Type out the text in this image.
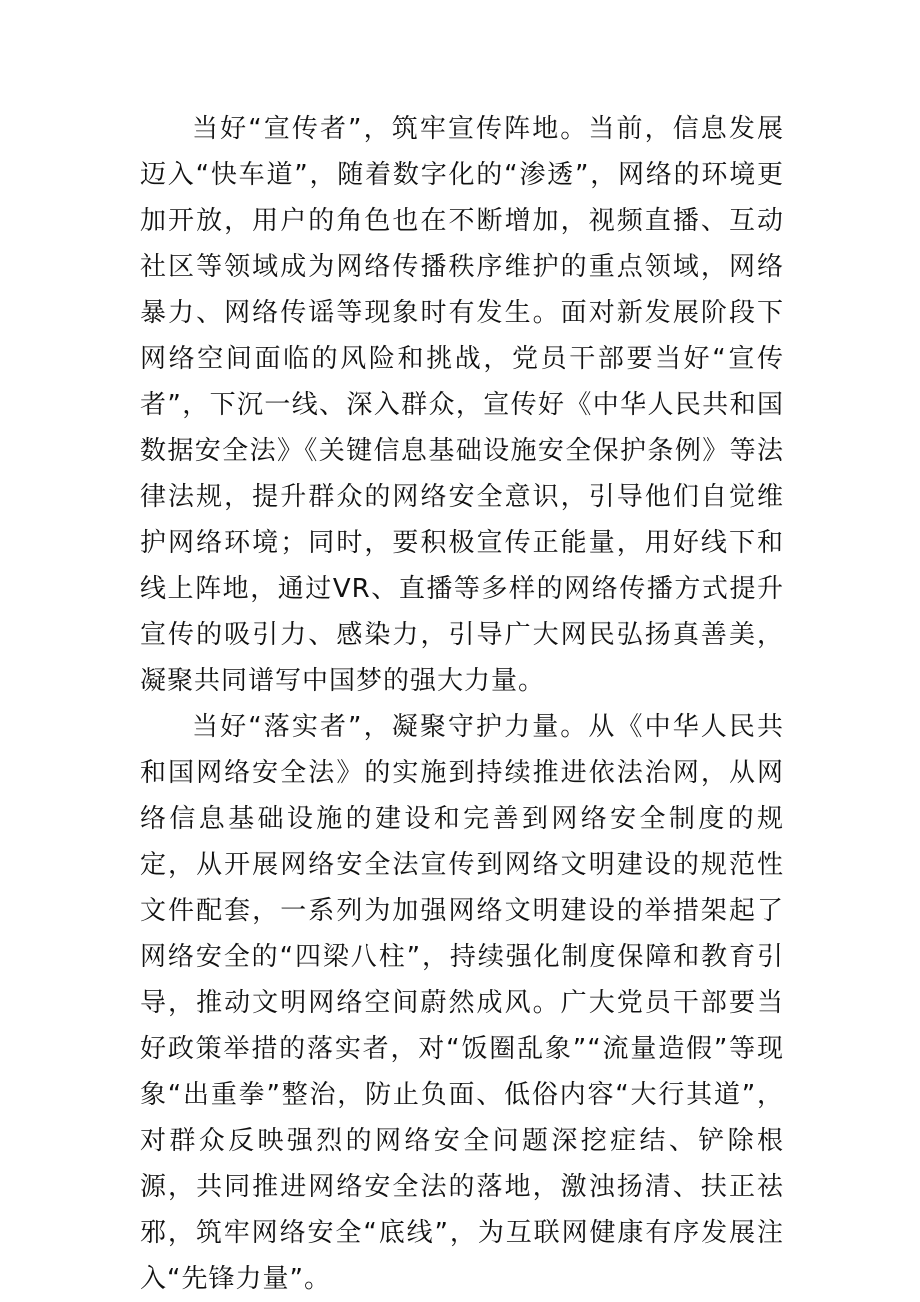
当好“宣传者”，筑牢宣传阵地。当前，信息发展迈入“快车道”，随着数字化的“渗透”，网络的环境更加开放，用户的角色也在不断增加，视频直播、互动社区等领域成为网络传播秩序维护的重点领域，网络暴力、网络传谣等现象时有发生。面对新发展阶段下网络空间面临的风险和挑战，党员干部要当好“宣传者”，下沉一线、深入群众，宣传好《中华人民共和国数据安全法》《关键信息基础设施安全保护条例》等法律法规，提升群众的网络安全意识，引导他们自觉维护网络环境；同时，要积极宣传正能量，用好线下和线上阵地，通过VR、直播等多样的网络传播方式提升宣传的吸引力、感染力，引导广大网民弘扬真善美，凝聚共同谱写中国梦的强大力量。

当好“落实者”，凝聚守护力量。从《中华人民共和国网络安全法》的实施到持续推进依法治网，从网络信息基础设施的建设和完善到网络安全制度的规定，从开展网络安全法宣传到网络文明建设的规范性文件配套，一系列为加强网络文明建设的举措架起了网络安全的“四梁八柱”，持续强化制度保障和教育引导，推动文明网络空间蔚然成风。广大党员干部要当好政策举措的落实者，对“饭圈乱象”“流量造假”等现象“出重拳”整治，防止负面、低俗内容“大行其道”，对群众反映强烈的网络安全问题深挖症结、铲除根源，共同推进网络安全法的落地，激浊扬清、扶正祛邪，筑牢网络安全“底线”，为互联网健康有序发展注入“先锋力量”。
